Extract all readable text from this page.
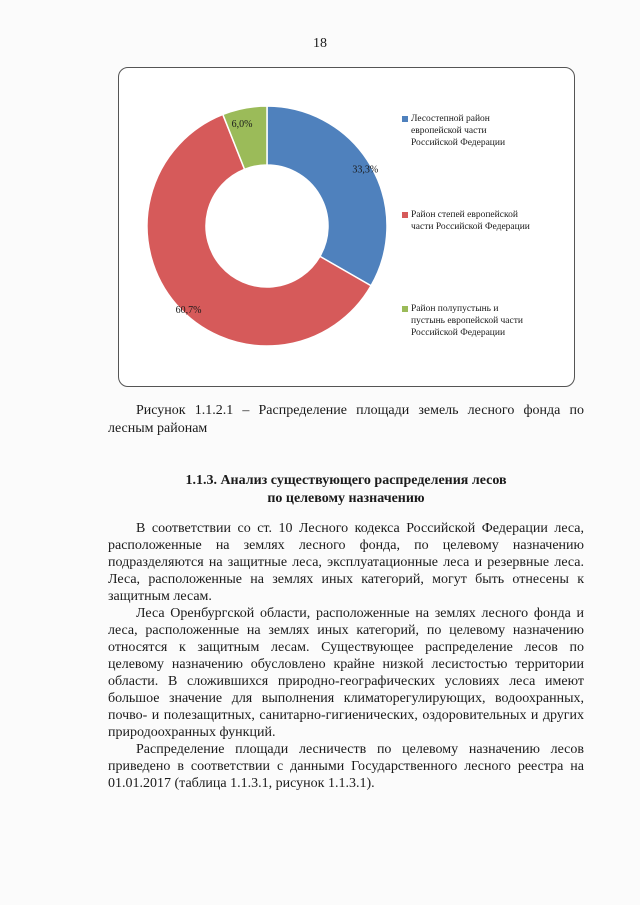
18
33,3%
60,7%
6,0%
Лесостепной район
европейской части
Российской Федерации
Район степей европейской
части Российской Федерации
Район полупустынь и
пустынь европейской части
Российской Федерации
Рисунок 1.1.2.1 – Распределение площади земель лесного фонда по лесным районам
1.1.3. Анализ существующего распределения лесов
по целевому назначению

В соответствии со ст. 10 Лесного кодекса Российской Федерации леса, расположенные на землях лесного фонда, по целевому назначению подразделяются на защитные леса, эксплуатационные леса и резервные леса. Леса, расположенные на землях иных категорий, могут быть отнесены к защитным лесам.

Леса Оренбургской области, расположенные на землях лесного фонда и леса, расположенные на землях иных категорий, по целевому назначению относятся к защитным лесам. Существующее распределение лесов по целевому назначению обусловлено крайне низкой лесистостью территории области. В сложившихся природно-географических условиях леса имеют большое значение для выполнения климаторегулирующих, водоохранных, почво- и полезащитных, санитарно-гигиенических, оздоровительных и других природоохранных функций.

Распределение площади лесничеств по целевому назначению лесов приведено в соответствии с данными Государственного лесного реестра на 01.01.2017 (таблица 1.1.3.1, рисунок 1.1.3.1).
